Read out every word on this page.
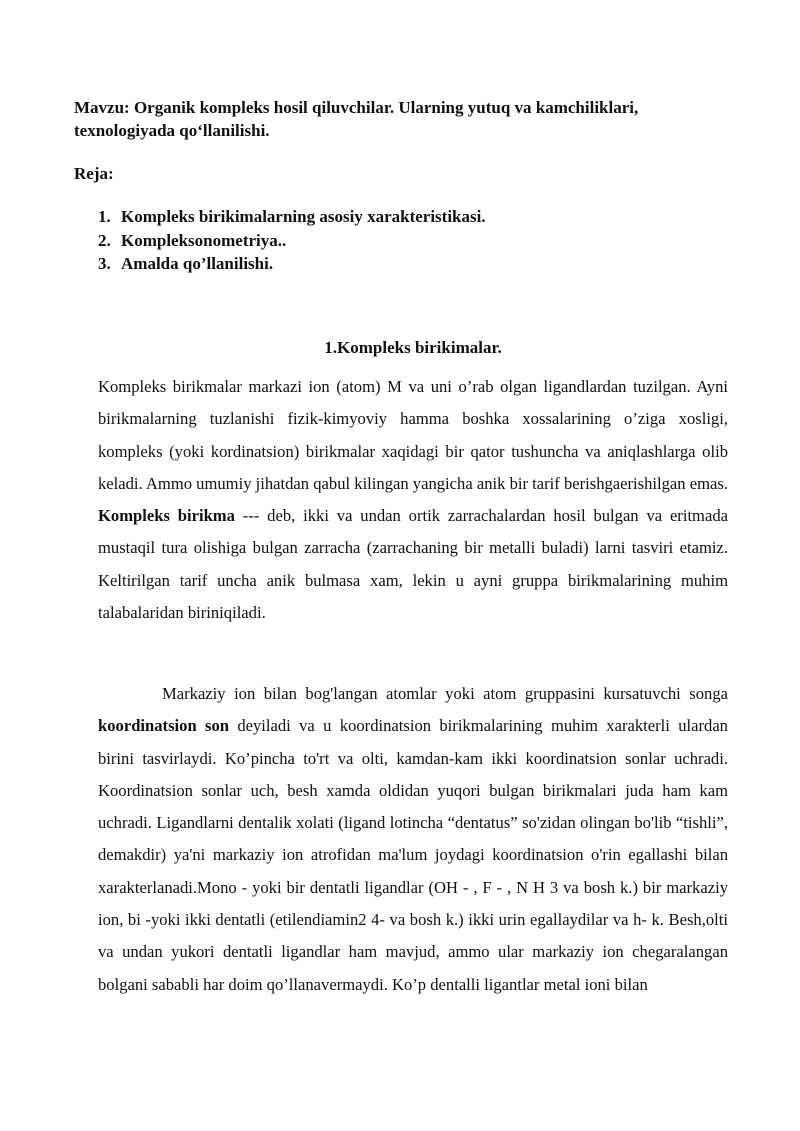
Mavzu: Organik kompleks hosil qiluvchilar. Ularning yutuq va kamchiliklari, texnologiyada qo‘llanilishi.
Reja:
1. Kompleks birikimalarning asosiy xarakteristikasi.
2. Kompleksonometriya..
3. Amalda qo’llanilishi.
1.Kompleks birikimalar.

Kompleks birikmalar markazi ion (atom) M va uni o’rab olgan ligandlardan tuzilgan. Ayni birikmalarning tuzlanishi fizik-kimyoviy hamma boshka xossalarining o’ziga xosligi, kompleks (yoki kordinatsion) birikmalar xaqidagi bir qator tushuncha va aniqlashlarga olib keladi. Ammo umumiy jihatdan qabul kilingan yangicha anik bir tarif berishgaerishilgan emas. Kompleks birikma --- deb, ikki va undan ortik zarrachalardan hosil bulgan va eritmada mustaqil tura olishiga bulgan zarracha (zarrachaning bir metalli buladi) larni tasviri etamiz. Keltirilgan tarif uncha anik bulmasa xam, lekin u ayni gruppa birikmalarining muhim talabalaridan biriniqiladi.

Markaziy ion bilan bog'langan atomlar yoki atom gruppasini kursatuvchi songa koordinatsion son deyiladi va u koordinatsion birikmalarining muhim xarakterli ulardan birini tasvirlaydi. Ko’pincha to'rt va olti, kamdan-kam ikki koordinatsion sonlar uchradi. Koordinatsion sonlar uch, besh xamda oldidan yuqori bulgan birikmalari juda ham kam uchradi. Ligandlarni dentalik xolati (ligand lotincha “dentatus” so'zidan olingan bo'lib “tishli”, demakdir) ya'ni markaziy ion atrofidan ma'lum joydagi koordinatsion o'rin egallashi bilan xarakterlanadi.Mono - yoki bir dentatli ligandlar (OH - , F - , N H 3 va bosh k.) bir markaziy ion, bi -yoki ikki dentatli (etilendiamin2 4- va bosh k.) ikki urin egallaydilar va h- k. Besh,olti va undan yukori dentatli ligandlar ham mavjud, ammo ular markaziy ion chegaralangan bolgani sababli har doim qo’llanavermaydi. Ko’p dentalli ligantlar metal ioni bilan
